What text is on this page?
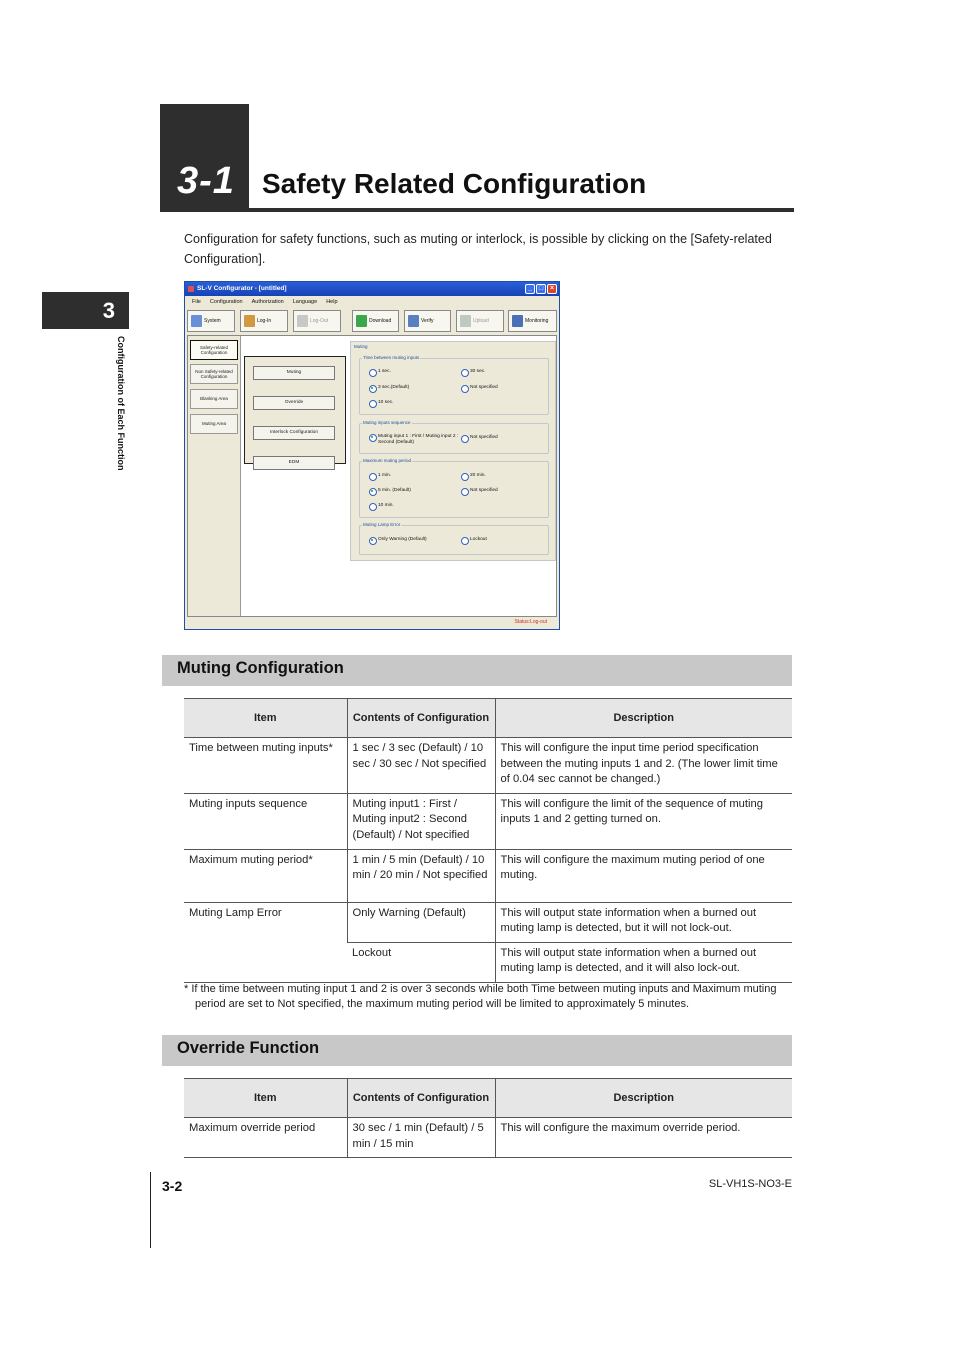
3-1 Safety Related Configuration
3
Configuration of Each Function

Configuration for safety functions, such as muting or interlock, is possible by clicking on the [Safety-related Configuration].

SL-V Configurator - [untitled]	_ □ ×
File Configuration Authorization Language Help
System	Log-In	Log-Out	Download	Verify	Upload	Monitoring
Safety-related Configuration
Non Safety-related Configuration
Blanking Area
Muting Area
Muting
Override
Interlock Configuration
EDM
Muting
Time between muting inputs
1 sec.	30 sec.
3 sec.(Default)	Not specified
10 sec.
Muting inputs sequence
Muting input 1 : First / Muting input 2 : Second (Default)
Not specified
Maximum muting period
1 min.	20 min.
5 min. (Default)	Not specified
10 min.
Muting Lamp Error
Only Warning (Default)	Lockout
Status:Log-out
Muting Configuration
Item	Contents of Configuration	Description
Time between muting inputs*	1 sec / 3 sec (Default) / 10 sec / 30 sec / Not specified	This will configure the input time period specification between the muting inputs 1 and 2. (The lower limit time of 0.04 sec cannot be changed.)
Muting inputs sequence	Muting input1 : First / Muting input2 : Second (Default) / Not specified	This will configure the limit of the sequence of muting inputs 1 and 2 getting turned on.
Maximum muting period*	1 min / 5 min (Default) / 10 min / 20 min / Not specified	This will configure the maximum muting period of one muting.
Muting Lamp Error	Only Warning (Default)	This will output state information when a burned out muting lamp is detected, but it will not lock-out.
	Lockout	This will output state information when a burned out muting lamp is detected, and it will also lock-out.

* If the time between muting input 1 and 2 is over 3 seconds while both Time between muting inputs and Maximum muting period are set to Not specified, the maximum muting period will be limited to approximately 5 minutes.

Override Function
Item	Contents of Configuration	Description
Maximum override period	30 sec / 1 min (Default) / 5 min / 15 min	This will configure the maximum override period.
3-2	SL-VH1S-NO3-E
